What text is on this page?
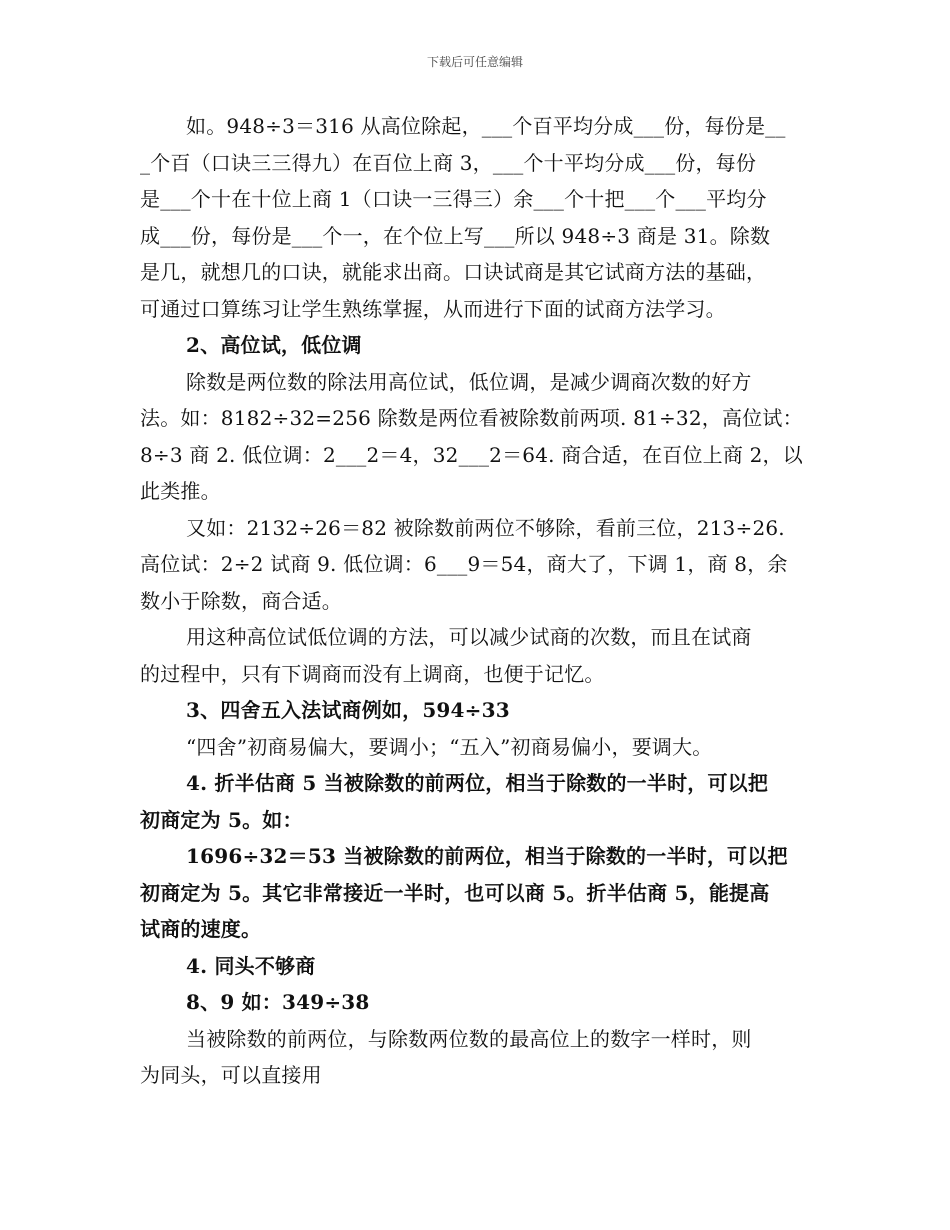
下载后可任意编辑
如。948÷3＝316 从高位除起，___个百平均分成___份，每份是__
_个百（口诀三三得九）在百位上商 3，___个十平均分成___份，每份
是___个十在十位上商 1（口诀一三得三）余___个十把___个___平均分
成___份，每份是___个一，在个位上写___所以 948÷3 商是 31。除数
是几，就想几的口诀，就能求出商。口诀试商是其它试商方法的基础，
可通过口算练习让学生熟练掌握，从而进行下面的试商方法学习。
2、高位试，低位调
除数是两位数的除法用高位试，低位调，是减少调商次数的好方
法。如：8182÷32=256 除数是两位看被除数前两项. 81÷32，高位试：
8÷3 商 2. 低位调：2___2＝4，32___2＝64. 商合适，在百位上商 2，以
此类推。
又如：2132÷26＝82 被除数前两位不够除，看前三位，213÷26.
高位试：2÷2 试商 9. 低位调：6___9＝54，商大了，下调 1，商 8，余
数小于除数，商合适。
用这种高位试低位调的方法，可以减少试商的次数，而且在试商
的过程中，只有下调商而没有上调商，也便于记忆。
3、四舍五入法试商例如，594÷33
“四舍”初商易偏大，要调小；“五入”初商易偏小，要调大。
4. 折半估商 5 当被除数的前两位，相当于除数的一半时，可以把
初商定为 5。如：
1696÷32＝53 当被除数的前两位，相当于除数的一半时，可以把
初商定为 5。其它非常接近一半时，也可以商 5。折半估商 5，能提高
试商的速度。
4. 同头不够商
8、9 如：349÷38
当被除数的前两位，与除数两位数的最高位上的数字一样时，则
为同头，可以直接用
